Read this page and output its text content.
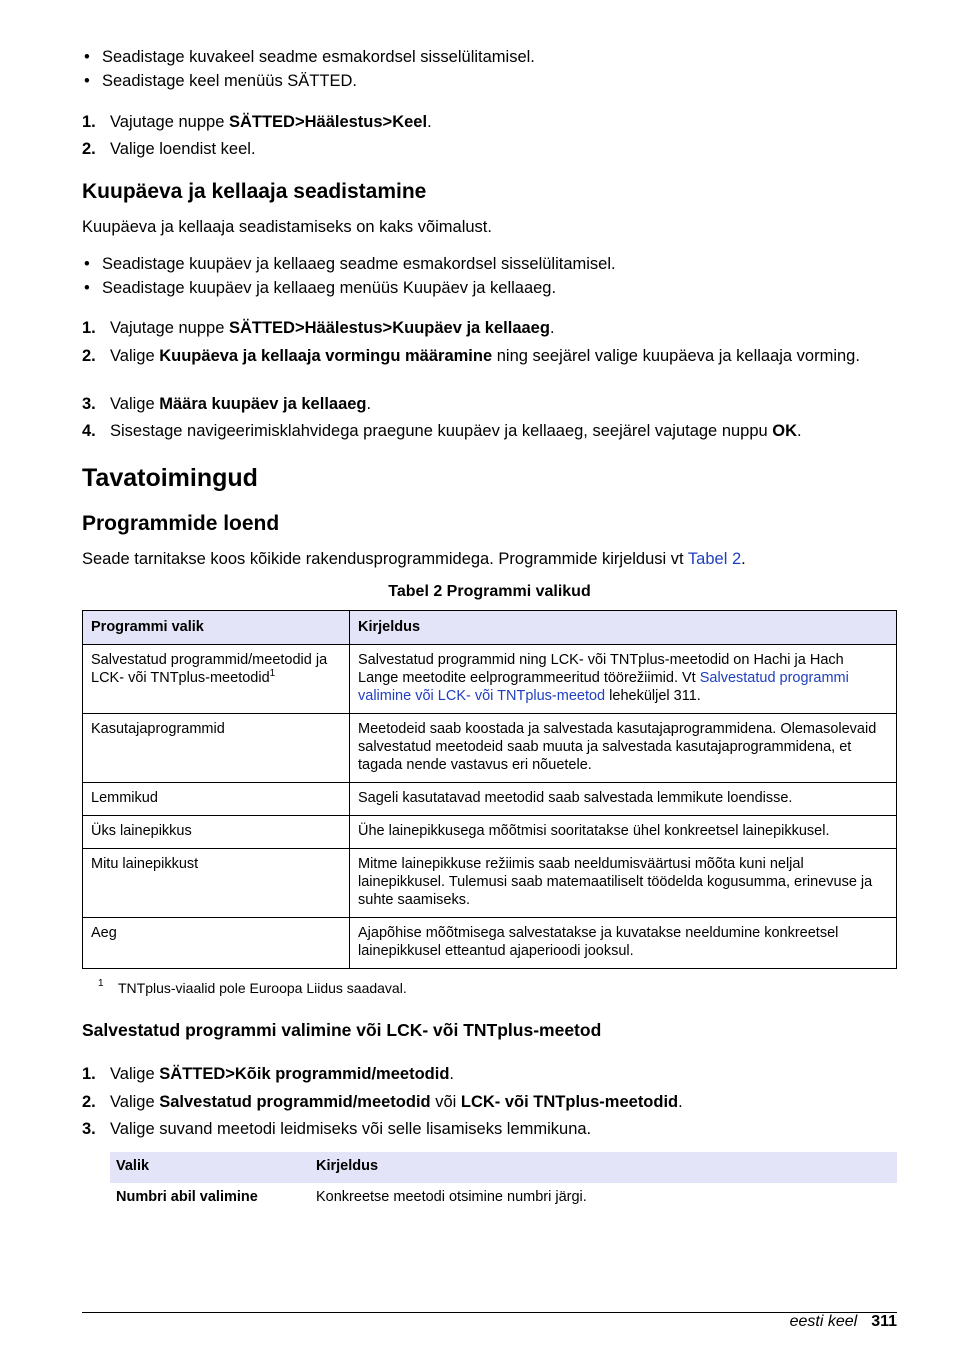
• Seadistage kuvakeel seadme esmakordsel sisselülitamisel.
• Seadistage keel menüüs SÄTTED.
1. Vajutage nuppe SÄTTED>Häälestus>Keel.
2. Valige loendist keel.
Kuupäeva ja kellaaja seadistamine

Kuupäeva ja kellaaja seadistamiseks on kaks võimalust.

• Seadistage kuupäev ja kellaaeg seadme esmakordsel sisselülitamisel.
• Seadistage kuupäev ja kellaaeg menüüs Kuupäev ja kellaaeg.
1. Vajutage nuppe SÄTTED>Häälestus>Kuupäev ja kellaaeg.
2. Valige Kuupäeva ja kellaaja vormingu määramine ning seejärel valige kuupäeva ja kellaaja vorming.
3. Valige Määra kuupäev ja kellaaeg.
4. Sisestage navigeerimisklahvidega praegune kuupäev ja kellaaeg, seejärel vajutage nuppu OK.
Tavatoimingud
Programmide loend

Seade tarnitakse koos kõikide rakendusprogrammidega. Programmide kirjeldusi vt Tabel 2.

Tabel 2 Programmi valikud
Programmi valik	Kirjeldus
Salvestatud programmid/meetodid ja LCK- või TNTplus-meetodid$^1$	Salvestatud programmid ning LCK- või TNTplus-meetodid on Hachi ja Hach Lange meetodite eelprogrammeeritud töörežiimid. Vt Salvestatud programmi valimine või LCK- või TNTplus-meetod leheküljel 311.
Kasutajaprogrammid	Meetodeid saab koostada ja salvestada kasutajaprogrammidena. Olemasolevaid salvestatud meetodeid saab muuta ja salvestada kasutajaprogrammidena, et tagada nende vastavus eri nõuetele.
Lemmikud	Sageli kasutatavad meetodid saab salvestada lemmikute loendisse.
Üks lainepikkus	Ühe lainepikkusega mõõtmisi sooritatakse ühel konkreetsel lainepikkusel.
Mitu lainepikkust	Mitme lainepikkuse režiimis saab neeldumisväärtusi mõõta kuni neljal lainepikkusel. Tulemusi saab matemaatiliselt töödelda kogusumma, erinevuse ja suhte saamiseks.
Aeg	Ajapõhise mõõtmisega salvestatakse ja kuvatakse neeldumine konkreetsel lainepikkusel etteantud ajaperioodi jooksul.
1 TNTplus-viaalid pole Euroopa Liidus saadaval.
Salvestatud programmi valimine või LCK- või TNTplus-meetod
1. Valige SÄTTED>Kõik programmid/meetodid.
2. Valige Salvestatud programmid/meetodid või LCK- või TNTplus-meetodid.
3. Valige suvand meetodi leidmiseks või selle lisamiseks lemmikuna.
Valik	Kirjeldus
Numbri abil valimine	Konkreetse meetodi otsimine numbri järgi.
eesti keel 311
